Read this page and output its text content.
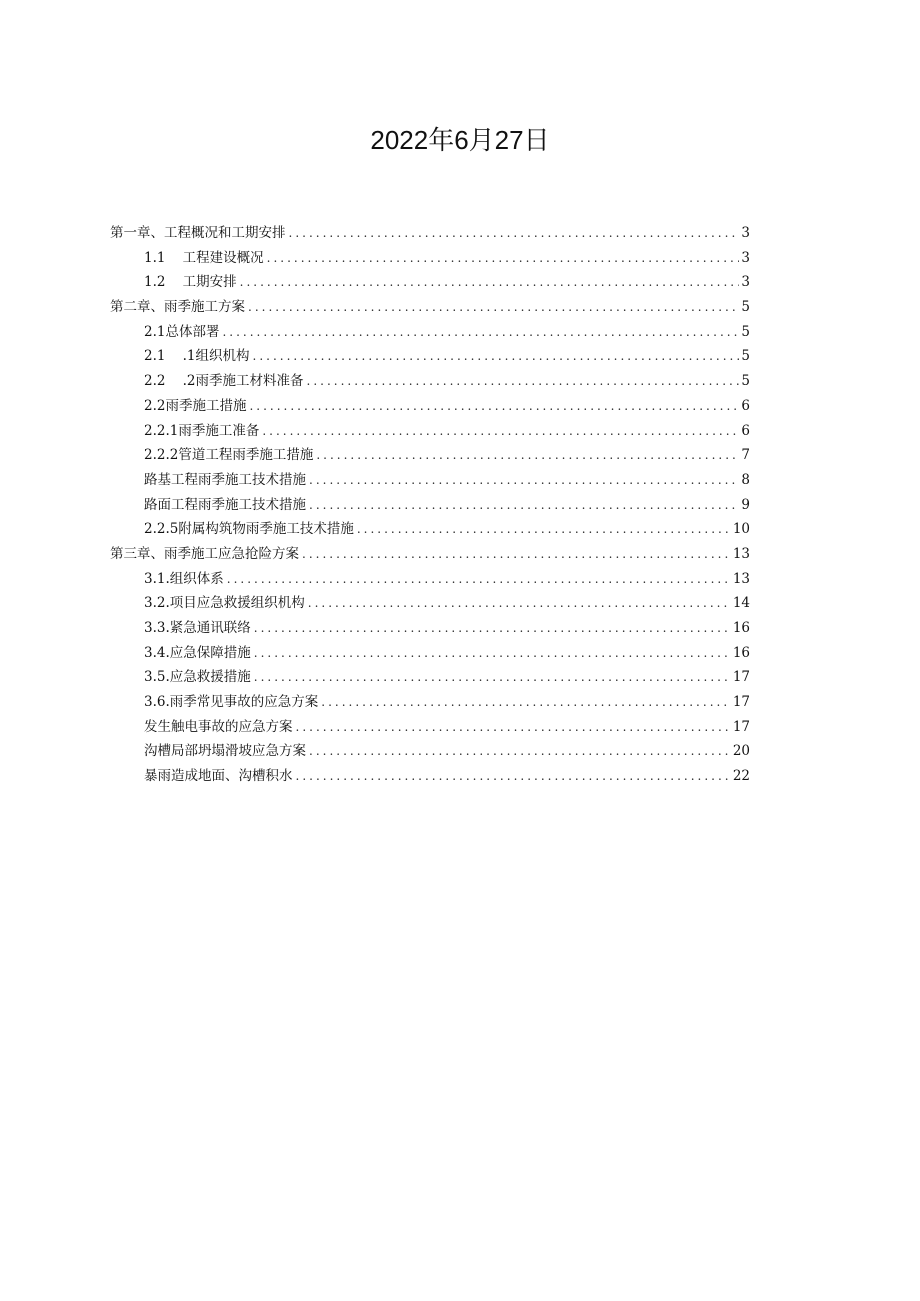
2022年6月27日
第一章、工程概况和工期安排 .....	3
1.1    工程建设概况 .....	3
1.2    工期安排 .....	3
第二章、雨季施工方案 .....	5
2.1总体部署 .....	5
2.1    .1组织机构 .....	5
2.2    .2雨季施工材料准备 .....	5
2.2雨季施工措施 .....	6
2.2.1雨季施工准备 .....	6
2.2.2管道工程雨季施工措施 .....	7
路基工程雨季施工技术措施 .....	8
路面工程雨季施工技术措施 .....	9
2.2.5附属构筑物雨季施工技术措施 .....	10
第三章、雨季施工应急抢险方案 .....	13
3.1.组织体系 .....	13
3.2.项目应急救援组织机构 .....	14
3.3.紧急通讯联络 .....	16
3.4.应急保障措施 .....	16
3.5.应急救援措施 .....	17
3.6.雨季常见事故的应急方案 .....	17
发生触电事故的应急方案 .....	17
沟槽局部坍塌滑坡应急方案 .....	20
暴雨造成地面、沟槽积水 .....	22
